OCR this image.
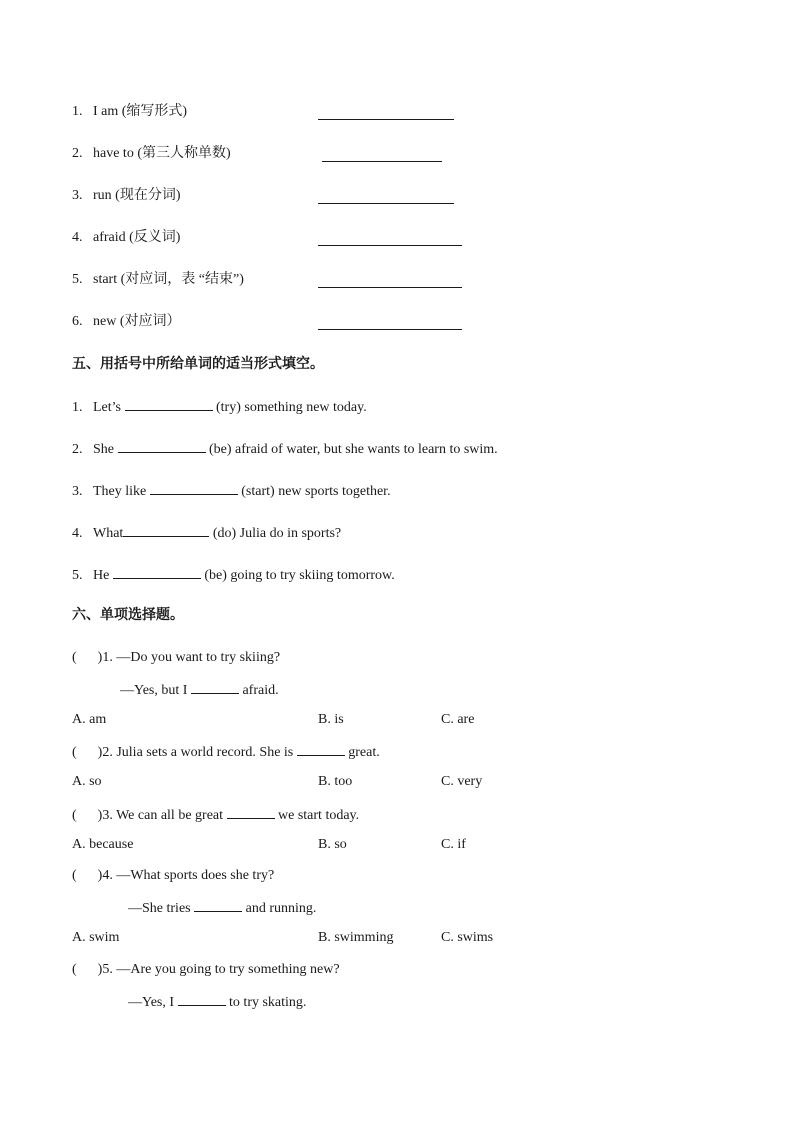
1. I am (缩写形式)
2. have to (第三人称单数)
3. run (现在分词)
4. afraid (反义词)
5. start (对应词，表 “结束”)
6. new (对应词）
五、用括号中所给单词的适当形式填空。
1. Let’s	(try) something new today.
2. She	(be) afraid of water, but she wants to learn to swim.
3. They like	(start) new sports together.
4. What	(do) Julia do in sports?
5. He	(be) going to try skiing tomorrow.
六、单项选择题。
( )1. —Do you want to try skiing?
—Yes, but I	afraid.
A. am	B. is	C. are
( )2. Julia sets a world record. She is	great.
A. so	B. too	C. very
( )3. We can all be great	we start today.
A. because	B. so	C. if
( )4. —What sports does she try?
—She tries	and running.
A. swim	B. swimming	C. swims
( )5. —Are you going to try something new?
—Yes, I	to try skating.
